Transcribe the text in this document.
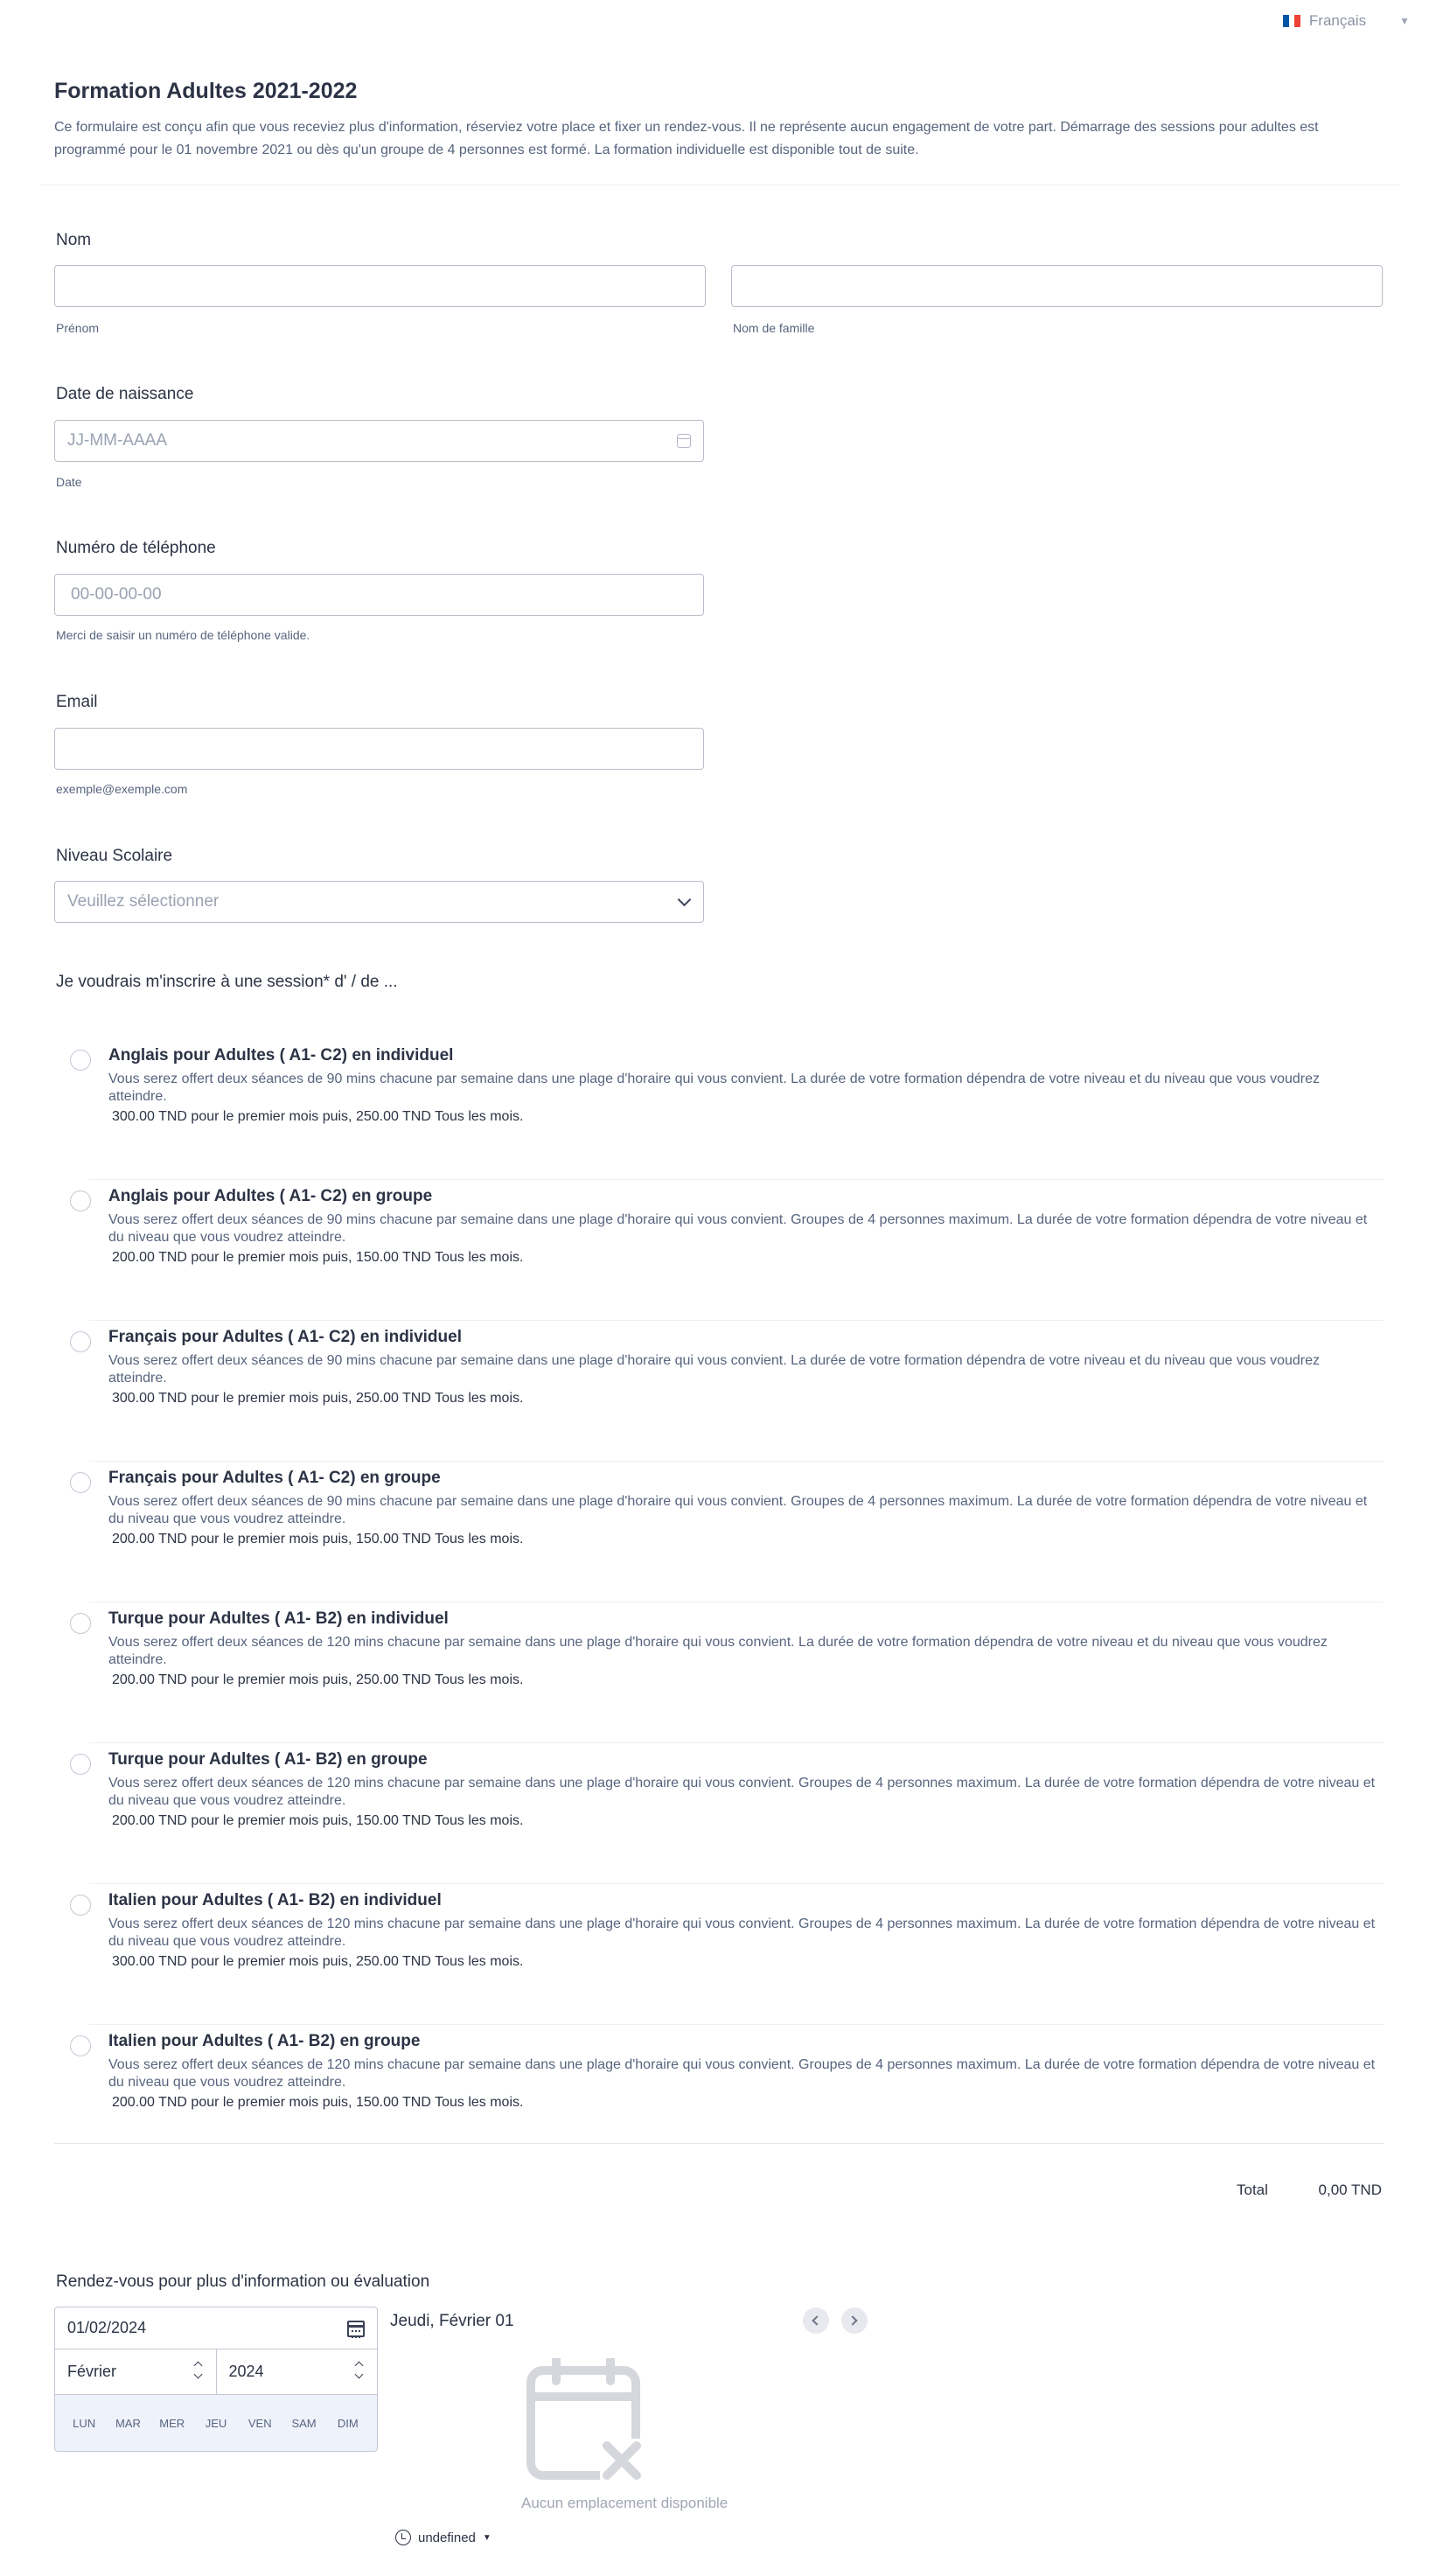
Français	▼
Formation Adultes 2021-2022

Ce formulaire est conçu afin que vous receviez plus d'information, réserviez votre place et fixer un rendez-vous. Il ne représente aucun engagement de votre part. Démarrage des sessions pour adultes est programmé pour le 01 novembre 2021 ou dès qu'un groupe de 4 personnes est formé. La formation individuelle est disponible tout de suite.

Nom
Prénom	Nom de famille
Date de naissance
JJ-MM-AAAA
Date
Numéro de téléphone
00-00-00-00
Merci de saisir un numéro de téléphone valide.
Email
exemple@exemple.com
Niveau Scolaire
Veuillez sélectionner
Je voudrais m'inscrire à une session* d' / de ...
Anglais pour Adultes ( A1- C2) en individuel
Vous serez offert deux séances de 90 mins chacune par semaine dans une plage d'horaire qui vous convient. La durée de votre formation dépendra de votre niveau et du niveau que vous voudrez atteindre.
300.00 TND pour le premier mois puis, 250.00 TND Tous les mois.
Anglais pour Adultes ( A1- C2) en groupe
Vous serez offert deux séances de 90 mins chacune par semaine dans une plage d'horaire qui vous convient. Groupes de 4 personnes maximum. La durée de votre formation dépendra de votre niveau et du niveau que vous voudrez atteindre.
200.00 TND pour le premier mois puis, 150.00 TND Tous les mois.
Français pour Adultes ( A1- C2) en individuel
Vous serez offert deux séances de 90 mins chacune par semaine dans une plage d'horaire qui vous convient. La durée de votre formation dépendra de votre niveau et du niveau que vous voudrez atteindre.
300.00 TND pour le premier mois puis, 250.00 TND Tous les mois.
Français pour Adultes ( A1- C2) en groupe
Vous serez offert deux séances de 90 mins chacune par semaine dans une plage d'horaire qui vous convient. Groupes de 4 personnes maximum. La durée de votre formation dépendra de votre niveau et du niveau que vous voudrez atteindre.
200.00 TND pour le premier mois puis, 150.00 TND Tous les mois.
Turque pour Adultes ( A1- B2) en individuel
Vous serez offert deux séances de 120 mins chacune par semaine dans une plage d'horaire qui vous convient. La durée de votre formation dépendra de votre niveau et du niveau que vous voudrez atteindre.
200.00 TND pour le premier mois puis, 250.00 TND Tous les mois.
Turque pour Adultes ( A1- B2) en groupe
Vous serez offert deux séances de 120 mins chacune par semaine dans une plage d'horaire qui vous convient. Groupes de 4 personnes maximum. La durée de votre formation dépendra de votre niveau et du niveau que vous voudrez atteindre.
200.00 TND pour le premier mois puis, 150.00 TND Tous les mois.
Italien pour Adultes ( A1- B2) en individuel
Vous serez offert deux séances de 120 mins chacune par semaine dans une plage d'horaire qui vous convient. Groupes de 4 personnes maximum. La durée de votre formation dépendra de votre niveau et du niveau que vous voudrez atteindre.
300.00 TND pour le premier mois puis, 250.00 TND Tous les mois.
Italien pour Adultes ( A1- B2) en groupe
Vous serez offert deux séances de 120 mins chacune par semaine dans une plage d'horaire qui vous convient. Groupes de 4 personnes maximum. La durée de votre formation dépendra de votre niveau et du niveau que vous voudrez atteindre.
200.00 TND pour le premier mois puis, 150.00 TND Tous les mois.
Total	0,00 TND
Rendez-vous pour plus d'information ou évaluation
01/02/2024
Février	2024
LUN	MAR	MER	JEU	VEN	SAM	DIM
Jeudi, Février 01
Aucun emplacement disponible
undefined ▼
